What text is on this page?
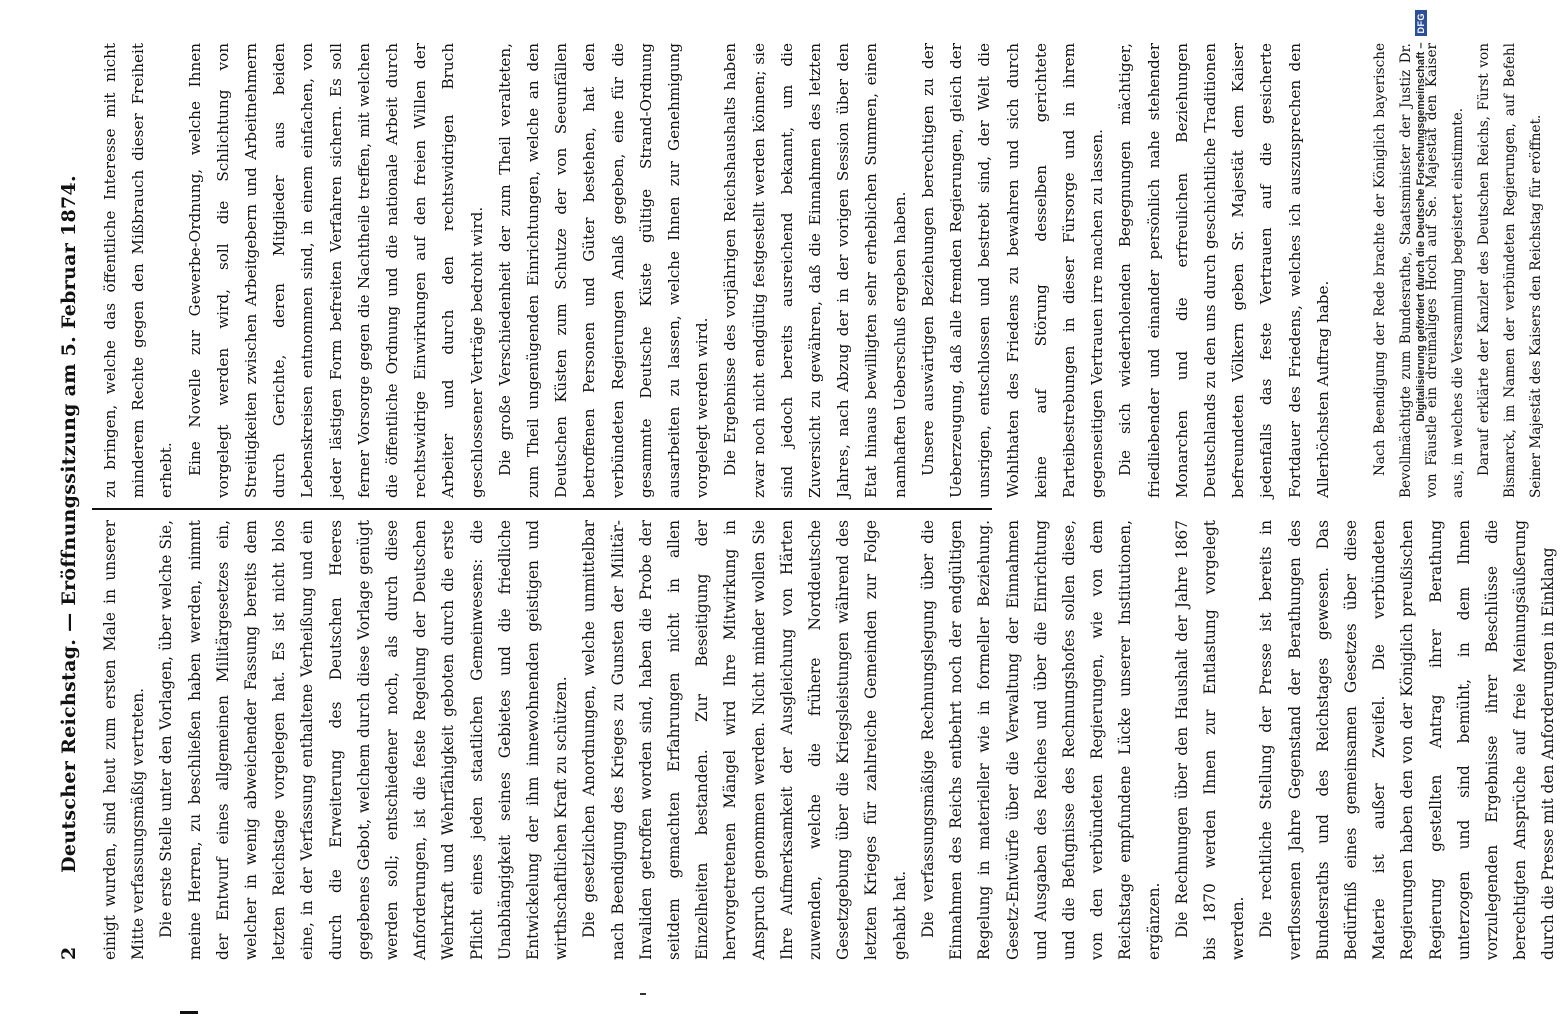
2
Deutscher Reichstag. — Eröffnungssitzung am 5. Februar 1874.	einigt wurden, sind heut zum ersten Male in unserer Mitte verfassungsmäßig vertreten. Die erste Stelle unter den Vorlagen, über welche Sie, meine Herren, zu beschließen haben werden, nimmt der Entwurf eines allgemeinen Militärgesetzes ein, welcher in wenig abweichender Fassung bereits dem letzten Reichstage vorgelegen hat. Es ist nicht blos eine, in der Verfassung enthaltene Verheißung und ein durch die Erweiterung des Deutschen Heeres gegebenes Gebot, welchem durch diese Vorlage genügt werden soll; entschiedener noch, als durch diese Anforderungen, ist die feste Regelung der Deutschen Wehrkraft und Wehrfähigkeit geboten durch die erste Pflicht eines jeden staatlichen Gemeinwesens: die Unabhängigkeit seines Gebietes und die friedliche Entwickelung der ihm innewohnenden geistigen und wirthschaftlichen Kraft zu schützen. Die gesetzlichen Anordnungen, welche unmittelbar nach Beendigung des Krieges zu Gunsten der Militär-Invaliden getroffen worden sind, haben die Probe der seitdem gemachten Erfahrungen nicht in allen Einzelheiten bestanden. Zur Beseitigung der hervorgetretenen Mängel wird Ihre Mitwirkung in Anspruch genommen werden. Nicht minder wollen Sie Ihre Aufmerksamkeit der Ausgleichung von Härten zuwenden, welche die frühere Norddeutsche Gesetzgebung über die Kriegsleistungen während des letzten Krieges für zahlreiche Gemeinden zur Folge gehabt hat. Die verfassungsmäßige Rechnungslegung über die Einnahmen des Reichs entbehrt noch der endgültigen Regelung in materieller wie in formeller Beziehung. Gesetz-Entwürfe über die Verwaltung der Einnahmen und Ausgaben des Reiches und über die Einrichtung und die Befugnisse des Rechnungshofes sollen diese, von den verbündeten Regierungen, wie von dem Reichstage empfundene Lücke unserer Institutionen, ergänzen. Die Rechnungen über den Haushalt der Jahre 1867 bis 1870 werden Ihnen zur Entlastung vorgelegt werden. Die rechtliche Stellung der Presse ist bereits in verflossenen Jahre Gegenstand der Berathungen des Bundesraths und des Reichstages gewesen. Das Bedürfniß eines gemeinsamen Gesetzes über diese Materie ist außer Zweifel. Die verbündeten Regierungen haben den von der Königlich preußischen Regierung gestellten Antrag ihrer Berathung unterzogen und sind bemüht, in dem Ihnen vorzulegenden Ergebnisse ihrer Beschlüsse die berechtigten Ansprüche auf freie Meinungsäußerung durch die Presse mit den Anforderungen in Einklang

zu bringen, welche das öffentliche Interesse mit nicht minderem Rechte gegen den Mißbrauch dieser Freiheit erhebt. Eine Novelle zur Gewerbe-Ordnung, welche Ihnen vorgelegt werden wird, soll die Schlichtung von Streitigkeiten zwischen Arbeitgebern und Arbeitnehmern durch Gerichte, deren Mitglieder aus beiden Lebenskreisen entnommen sind, in einem einfachen, von jeder lästigen Form befreiten Verfahren sichern. Es soll ferner Vorsorge gegen die Nachtheile treffen, mit welchen die öffentliche Ordnung und die nationale Arbeit durch rechtswidrige Einwirkungen auf den freien Willen der Arbeiter und durch den rechtswidrigen Bruch geschlossener Verträge bedroht wird. Die große Verschiedenheit der zum Theil veralteten, zum Theil ungenügenden Einrichtungen, welche an den Deutschen Küsten zum Schutze der von Seeunfällen betroffenen Personen und Güter bestehen, hat den verbündeten Regierungen Anlaß gegeben, eine für die gesammte Deutsche Küste gültige Strand-Ordnung ausarbeiten zu lassen, welche Ihnen zur Genehmigung vorgelegt werden wird. Die Ergebnisse des vorjährigen Reichshaushalts haben zwar noch nicht endgültig festgestellt werden können; sie sind jedoch bereits ausreichend bekannt, um die Zuversicht zu gewähren, daß die Einnahmen des letzten Jahres, nach Abzug der in der vorigen Session über den Etat hinaus bewilligten sehr erheblichen Summen, einen namhaften Ueberschuß ergeben haben. Unsere auswärtigen Beziehungen berechtigen zu der Ueberzeugung, daß alle fremden Regierungen, gleich der unsrigen, entschlossen und bestrebt sind, der Welt die Wohlthaten des Friedens zu bewahren und sich durch keine auf Störung desselben gerichtete Parteibestrebungen in dieser Fürsorge und in ihrem gegenseitigen Vertrauen irre machen zu lassen. Die sich wiederholenden Begegnungen mächtiger, friedliebender und einander persönlich nahe stehender Monarchen und die erfreulichen Beziehungen Deutschlands zu den uns durch geschichtliche Traditionen befreundeten Völkern geben Sr. Majestät dem Kaiser jedenfalls das feste Vertrauen auf die gesicherte Fortdauer des Friedens, welches ich auszusprechen den Allerhöchsten Auftrag habe.	Nach Beendigung der Rede brachte der Königlich bayerische Bevollmächtigte zum Bundesrathe, Staatsminister der Justiz Dr. von Fäustle ein dreimaliges Hoch auf Se. Majestät den Kaiser aus, in welches die Versammlung begeistert einstimmte. Darauf erklärte der Kanzler des Deutschen Reichs, Fürst von Bismarck, im Namen der verbündeten Regierungen, auf Befehl Seiner Majestät des Kaisers den Reichstag für eröffnet.

Digitalisierung gefördert durch die Deutsche Forschungsgemeinschaft –
DFG
